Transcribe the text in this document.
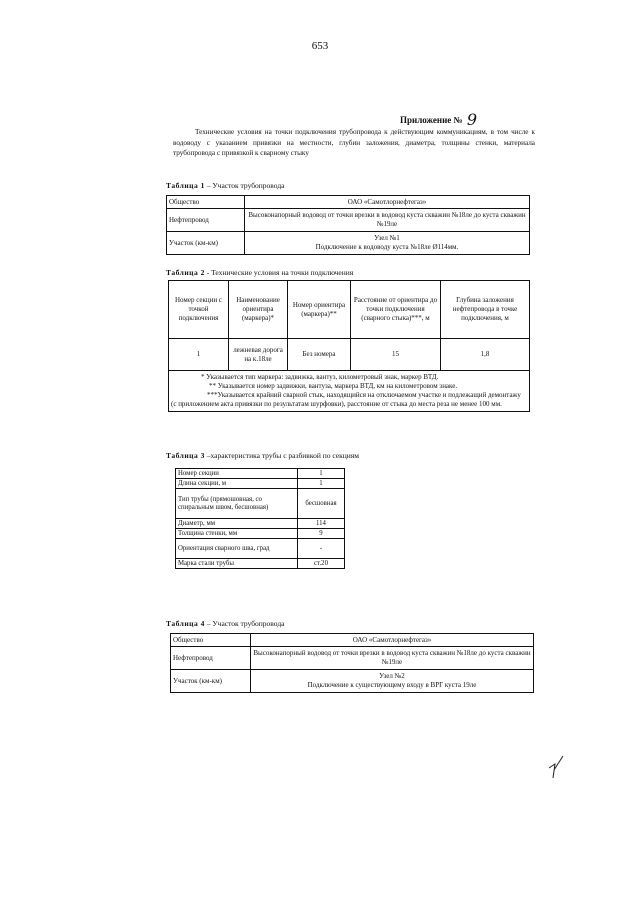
653
Приложение № 9
Технические условия на точки подключения трубопровода к действующим коммуникациям, в том числе к водоводу с указанием привязки на местности, глубин заложения, диаметра, толщины стенки, материала трубопровода с привязкой к сварному стыку
Таблица 1 – Участок трубопровода
Общество	ОАО «Самотлорнефтегаз»
Нефтепровод	Высоконапорный водовод от точки врезки в водовод куста скважин №18ле до куста скважин №19ле
Участок (км-км)	Узел №1
Подключение к водоводу куста №18ле Ø114мм.
Таблица 2 - Технические условия на точки подключения
Номер секции с точкой подключения	Наименование ориентира (маркера)*	Номер ориентира (маркера)**	Расстояние от ориентира до точки подключения (сварного стыка)***, м	Глубина заложения нефтепровода в точке подключения, м
1	лежневая дорога на к.18ле	Без номера	15	1,8

* Указывается тип маркера: задвижка, вантуз, километровый знак, маркер ВТД.
** Указывается номер задвижки, вантуза, маркера ВТД, км на километровом знаке.
***Указывается крайний сварной стык, находящийся на отключаемом участке и подлежащий демонтажу (с приложением акта привязки по результатам шурфовки), расстояние от стыка до места реза не менее 100 мм.				
Таблица 3 –характеристика трубы с разбивкой по секциям
Номер секции	1
Длина секции, м	1
Тип трубы (прямошовная, со спиральным швом, бесшовная)	бесшовная
Диаметр, мм	114
Толщина стенки, мм	9
Ориентация сварного шва, град	-
Марка стали трубы	ст.20
Таблица 4 – Участок трубопровода
Общество	ОАО «Самотлорнефтегаз»
Нефтепровод	Высоконапорный водовод от точки врезки в водовод куста скважин №18ле до куста скважин №19ле
Участок (км-км)	Узел №2
Подключение к существующему входу в ВРГ куста 19ле
